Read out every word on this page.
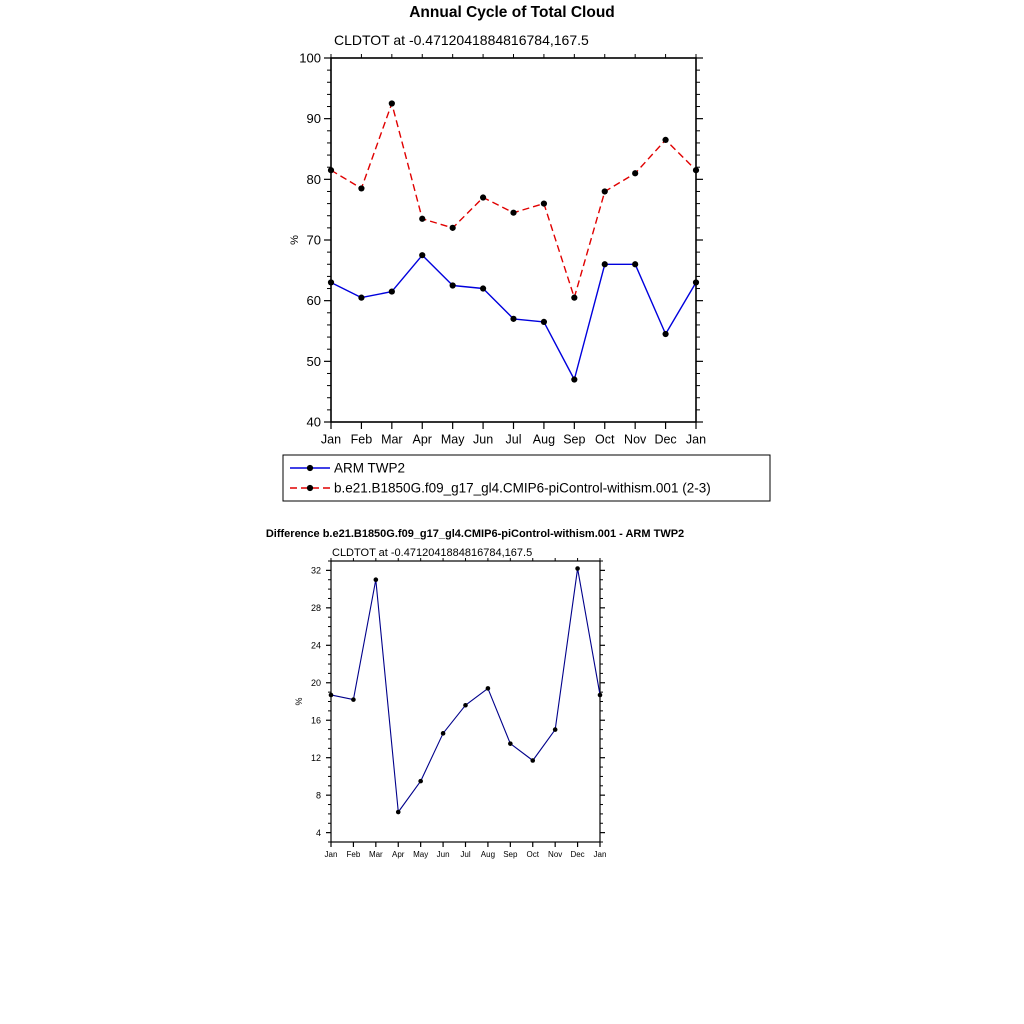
Annual Cycle of Total Cloud
CLDTOT at -0.4712041884816784,167.5
40
50
60
70
80
90
100
Jan Feb Mar Apr May Jun Jul Aug Sep Oct Nov Dec Jan
%
ARM TWP2
b.e21.B1850G.f09_g17_gl4.CMIP6-piControl-withism.001 (2-3)
4
8
12
16
20
24
28
32
Jan Feb Mar Apr May Jun Jul Aug Sep Oct Nov Dec Jan
%
Difference b.e21.B1850G.f09_g17_gl4.CMIP6-piControl-withism.001 - ARM TWP2
CLDTOT at -0.4712041884816784,167.5
